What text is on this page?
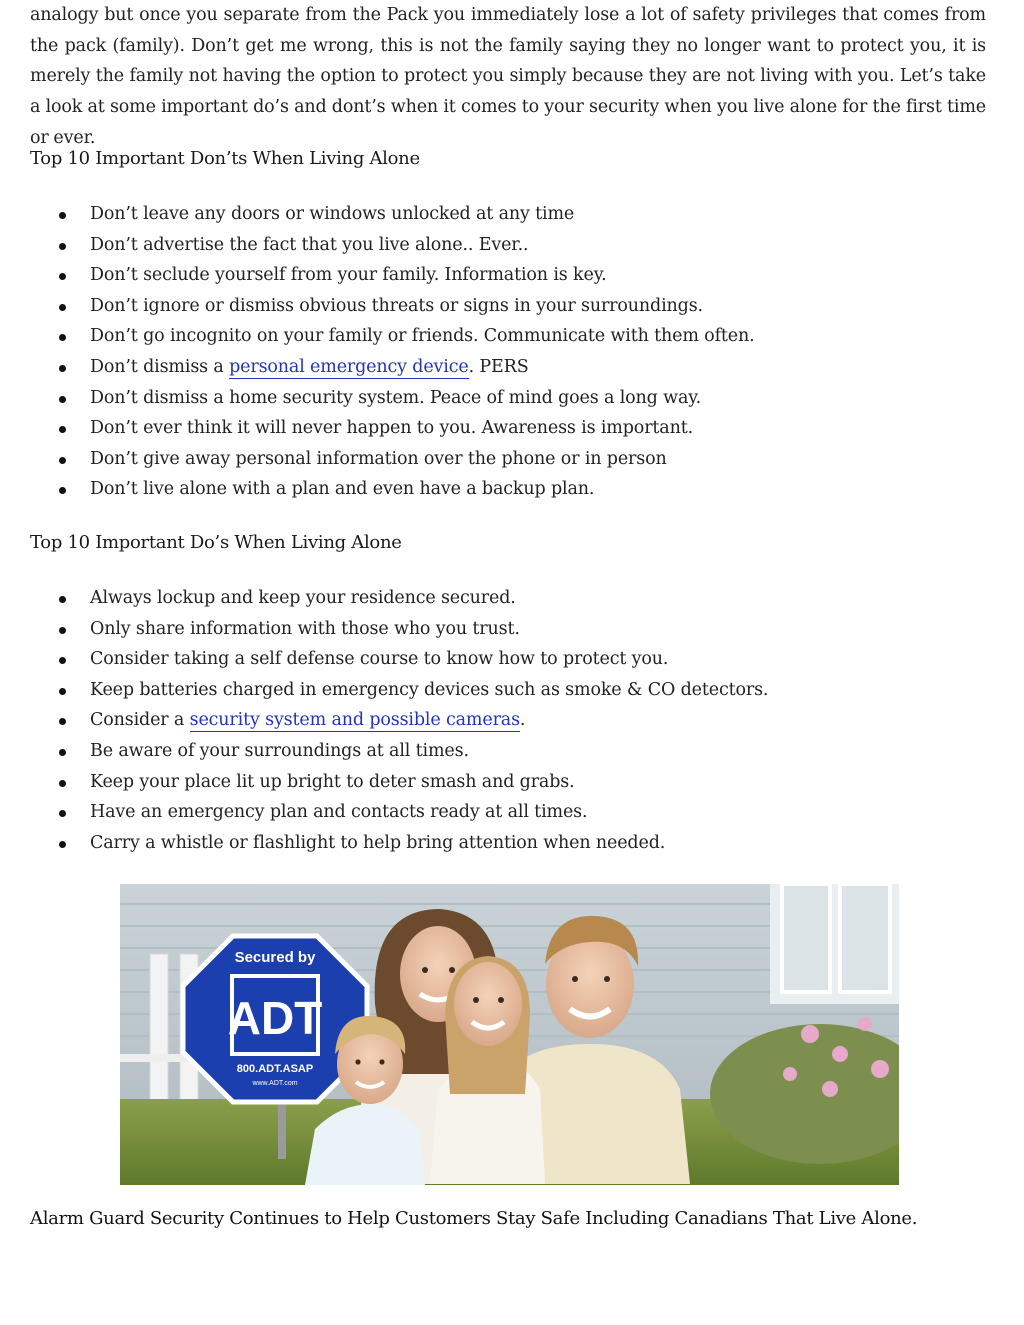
analogy but once you separate from the Pack you immediately lose a lot of safety privileges that comes from the pack (family). Don’t get me wrong, this is not the family saying they no longer want to protect you, it is merely the family not having the option to protect you simply because they are not living with you. Let’s take a look at some important do’s and dont’s when it comes to your security when you live alone for the first time or ever.

Top 10 Important Don’ts When Living Alone
Don’t leave any doors or windows unlocked at any time
Don’t advertise the fact that you live alone.. Ever..
Don’t seclude yourself from your family. Information is key.
Don’t ignore or dismiss obvious threats or signs in your surroundings.
Don’t go incognito on your family or friends. Communicate with them often.
Don’t dismiss a personal emergency device. PERS
Don’t dismiss a home security system. Peace of mind goes a long way.
Don’t ever think it will never happen to you. Awareness is important.
Don’t give away personal information over the phone or in person
Don’t live alone with a plan and even have a backup plan.
Top 10 Important Do’s When Living Alone
Always lockup and keep your residence secured.
Only share information with those who you trust.
Consider taking a self defense course to know how to protect you.
Keep batteries charged in emergency devices such as smoke & CO detectors.
Consider a security system and possible cameras.
Be aware of your surroundings at all times.
Keep your place lit up bright to deter smash and grabs.
Have an emergency plan and contacts ready at all times.
Carry a whistle or flashlight to help bring attention when needed.

Alarm Guard Security Continues to Help Customers Stay Safe Including Canadians That Live Alone.

Secured by
ADT
800.ADT.ASAP
www.ADT.com
